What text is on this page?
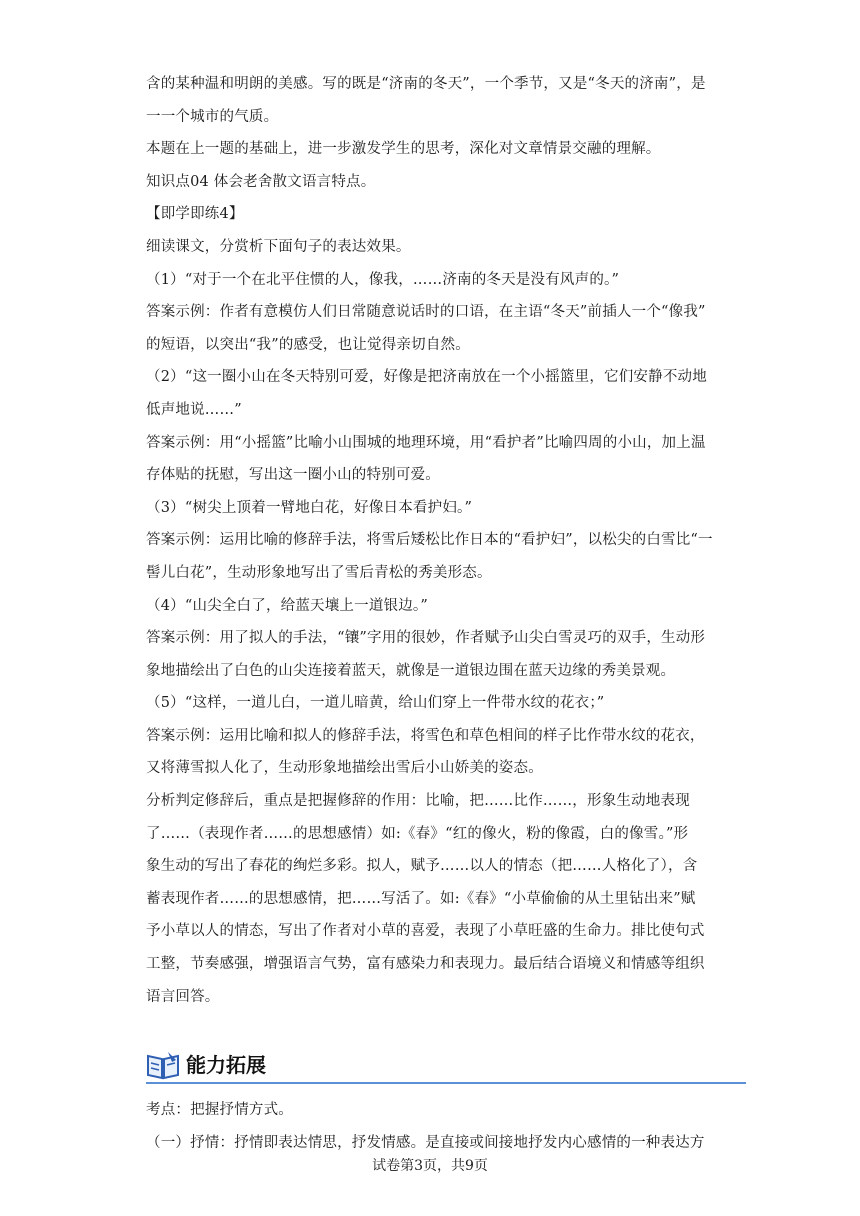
含的某种温和明朗的美感。写的既是“济南的冬天”，一个季节，又是“冬天的济南”，是
一一个城市的气质。
本题在上一题的基础上，进一步激发学生的思考，深化对文章情景交融的理解。
知识点04 体会老舍散文语言特点。
【即学即练4】
细读课文，分赏析下面句子的表达效果。
（1）“对于一个在北平住惯的人，像我，……济南的冬天是没有风声的。”
答案示例：作者有意模仿人们日常随意说话时的口语，在主语“冬天”前插人一个“像我”
的短语，以突出“我”的感受，也让觉得亲切自然。
（2）“这一圈小山在冬天特别可爱，好像是把济南放在一个小摇篮里，它们安静不动地
低声地说……”
答案示例：用“小摇篮”比喻小山围城的地理环境，用“看护者”比喻四周的小山，加上温
存体贴的抚慰，写出这一圈小山的特别可爱。
（3）“树尖上顶着一臂地白花，好像日本看护妇。”
答案示例：运用比喻的修辞手法，将雪后矮松比作日本的“看护妇”，以松尖的白雪比“一
髻儿白花”，生动形象地写出了雪后青松的秀美形态。
（4）“山尖全白了，给蓝天壤上一道银边。”
答案示例：用了拟人的手法，“镶”字用的很妙，作者赋予山尖白雪灵巧的双手，生动形
象地描绘出了白色的山尖连接着蓝天，就像是一道银边围在蓝天边缘的秀美景观。
（5）“这样，一道儿白，一道儿暗黄，给山们穿上一件带水纹的花衣；”
答案示例：运用比喻和拟人的修辞手法，将雪色和草色相间的样子比作带水纹的花衣，
又将薄雪拟人化了，生动形象地描绘出雪后小山娇美的姿态。
分析判定修辞后，重点是把握修辞的作用：比喻，把……比作……，形象生动地表现
了……（表现作者……的思想感情）如:《春》“红的像火，粉的像霞，白的像雪。”形
象生动的写出了春花的绚烂多彩。拟人，赋予……以人的情态（把……人格化了），含
蓄表现作者……的思想感情，把……写活了。如:《春》“小草偷偷的从土里钻出来”赋
予小草以人的情态，写出了作者对小草的喜爱，表现了小草旺盛的生命力。排比使句式
工整，节奏感强，增强语言气势，富有感染力和表现力。最后结合语境义和情感等组织
语言回答。
能力拓展
考点：把握抒情方式。
（一）抒情：抒情即表达情思，抒发情感。是直接或间接地抒发内心感情的一种表达方
试卷第3页，共9页
